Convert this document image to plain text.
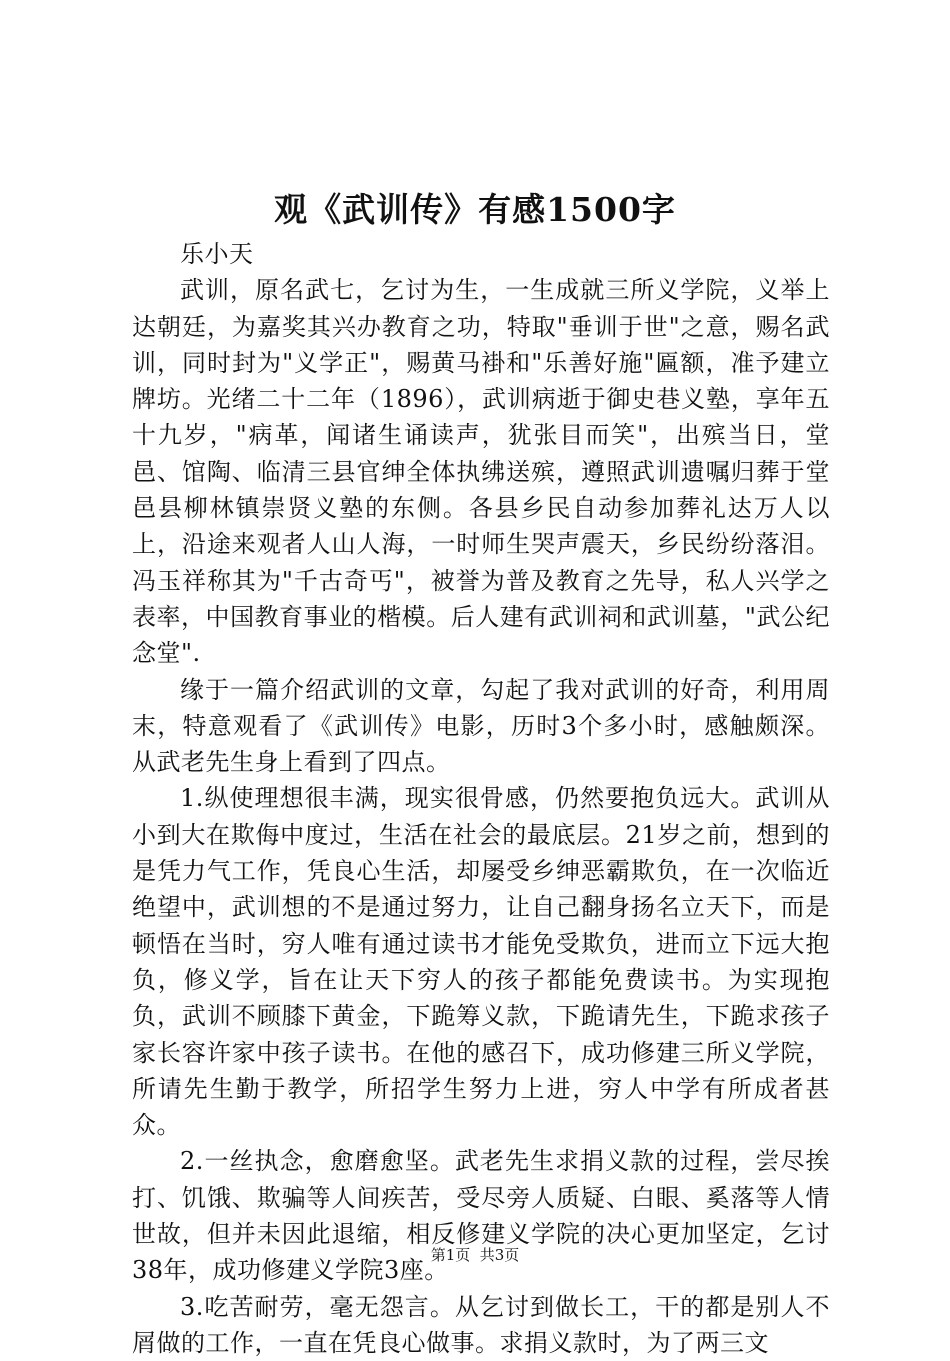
观《武训传》有感1500字

乐小天

武训，原名武七，乞讨为生，一生成就三所义学院，义举上达朝廷，为嘉奖其兴办教育之功，特取"垂训于世"之意，赐名武训，同时封为"义学正"，赐黄马褂和"乐善好施"匾额，准予建立牌坊。光绪二十二年（1896），武训病逝于御史巷义塾，享年五十九岁，"病革，闻诸生诵读声，犹张目而笑"，出殡当日，堂邑、馆陶、临清三县官绅全体执绋送殡，遵照武训遗嘱归葬于堂邑县柳林镇崇贤义塾的东侧。各县乡民自动参加葬礼达万人以上，沿途来观者人山人海，一时师生哭声震天，乡民纷纷落泪。冯玉祥称其为"千古奇丐"，被誉为普及教育之先导，私人兴学之表率，中国教育事业的楷模。后人建有武训祠和武训墓，"武公纪念堂".

缘于一篇介绍武训的文章，勾起了我对武训的好奇，利用周末，特意观看了《武训传》电影，历时3个多小时，感触颇深。从武老先生身上看到了四点。

1.纵使理想很丰满，现实很骨感，仍然要抱负远大。武训从小到大在欺侮中度过，生活在社会的最底层。21岁之前，想到的是凭力气工作，凭良心生活，却屡受乡绅恶霸欺负，在一次临近绝望中，武训想的不是通过努力，让自己翻身扬名立天下，而是顿悟在当时，穷人唯有通过读书才能免受欺负，进而立下远大抱负，修义学，旨在让天下穷人的孩子都能免费读书。为实现抱负，武训不顾膝下黄金，下跪筹义款，下跪请先生，下跪求孩子家长容许家中孩子读书。在他的感召下，成功修建三所义学院，所请先生勤于教学，所招学生努力上进，穷人中学有所成者甚众。

2.一丝执念，愈磨愈坚。武老先生求捐义款的过程，尝尽挨打、饥饿、欺骗等人间疾苦，受尽旁人质疑、白眼、奚落等人情世故，但并未因此退缩，相反修建义学院的决心更加坚定，乞讨38年，成功修建义学院3座。

3.吃苦耐劳，毫无怨言。从乞讨到做长工，干的都是别人不屑做的工作，一直在凭良心做事。求捐义款时，为了两三文

第1页  共3页
